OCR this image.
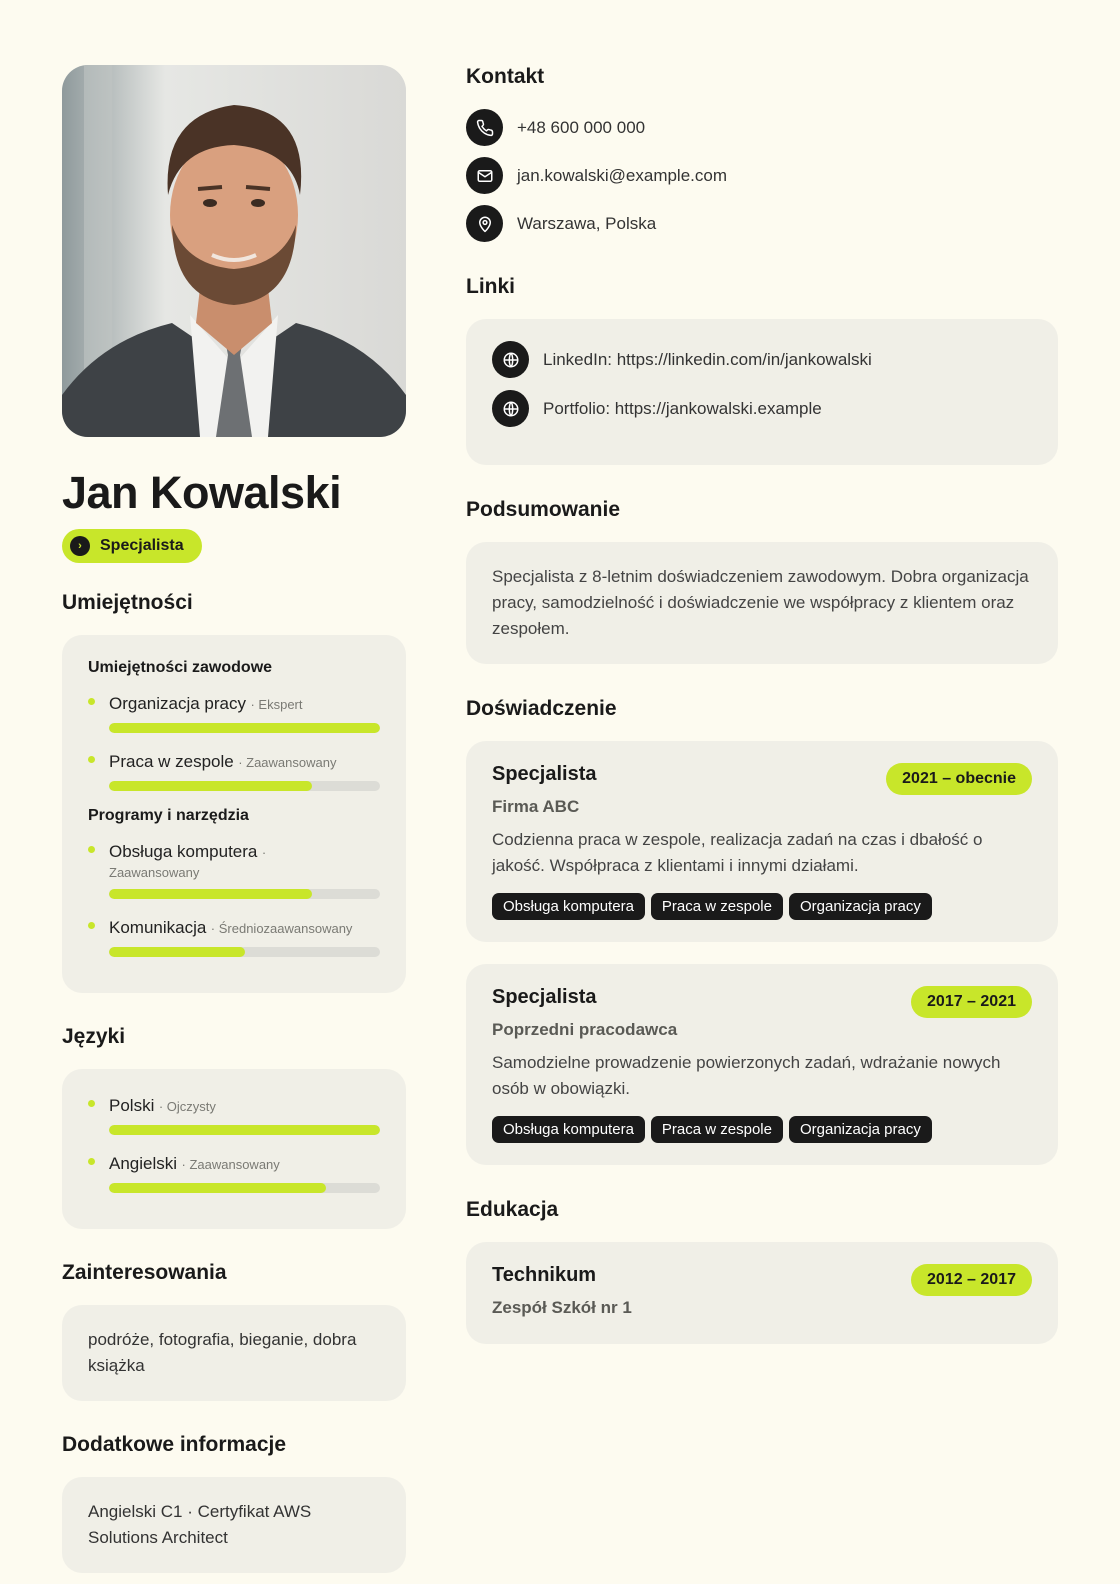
Jan Kowalski
›	Specjalista
Umiejętności
Umiejętności zawodowe
Organizacja pracy · Ekspert
Praca w zespole · Zaawansowany
Programy i narzędzia
Obsługa komputera · Zaawansowany
Komunikacja · Średniozaawansowany
Języki
Polski · Ojczysty
Angielski · Zaawansowany
Zainteresowania
podróże, fotografia, bieganie, dobra książka
Dodatkowe informacje
Angielski C1 · Certyfikat AWS Solutions Architect
Kontakt
+48 600 000 000
jan.kowalski@example.com
Warszawa, Polska
Linki
LinkedIn: https://linkedin.com/in/jankowalski
Portfolio: https://jankowalski.example
Podsumowanie
Specjalista z 8-letnim doświadczeniem zawodowym. Dobra organizacja pracy, samodzielność i doświadczenie we współpracy z klientem oraz zespołem.
Doświadczenie
Specjalista	2021 – obecnie
Firma ABC
Codzienna praca w zespole, realizacja zadań na czas i dbałość o jakość. Współpraca z klientami i innymi działami.
Obsługa komputera	Praca w zespole	Organizacja pracy
Specjalista	2017 – 2021
Poprzedni pracodawca
Samodzielne prowadzenie powierzonych zadań, wdrażanie nowych osób w obowiązki.
Obsługa komputera	Praca w zespole	Organizacja pracy
Edukacja
Technikum	2012 – 2017
Zespół Szkół nr 1
